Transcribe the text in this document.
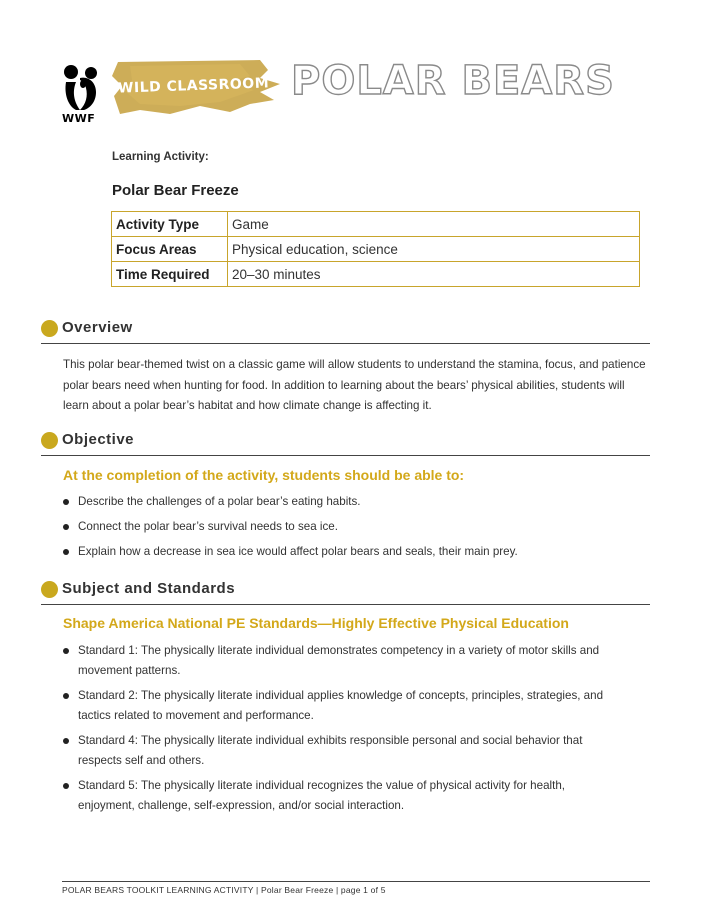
WWF
WILD CLASSROOM POLAR BEARS
Learning Activity:
Polar Bear Freeze
Activity Type	Game
Focus Areas	Physical education, science
Time Required	20–30 minutes
Overview
This polar bear-themed twist on a classic game will allow students to understand the stamina, focus, and patience polar bears need when hunting for food. In addition to learning about the bears’ physical abilities, students will learn about a polar bear’s habitat and how climate change is affecting it.
Objective
At the completion of the activity, students should be able to:
Describe the challenges of a polar bear’s eating habits.
Connect the polar bear’s survival needs to sea ice.
Explain how a decrease in sea ice would affect polar bears and seals, their main prey.
Subject and Standards
Shape America National PE Standards—Highly Effective Physical Education
Standard 1: The physically literate individual demonstrates competency in a variety of motor skills and movement patterns.
Standard 2: The physically literate individual applies knowledge of concepts, principles, strategies, and tactics related to movement and performance.
Standard 4: The physically literate individual exhibits responsible personal and social behavior that respects self and others.
Standard 5: The physically literate individual recognizes the value of physical activity for health, enjoyment, challenge, self-expression, and/or social interaction.
POLAR BEARS TOOLKIT LEARNING ACTIVITY | Polar Bear Freeze | page 1 of 5
